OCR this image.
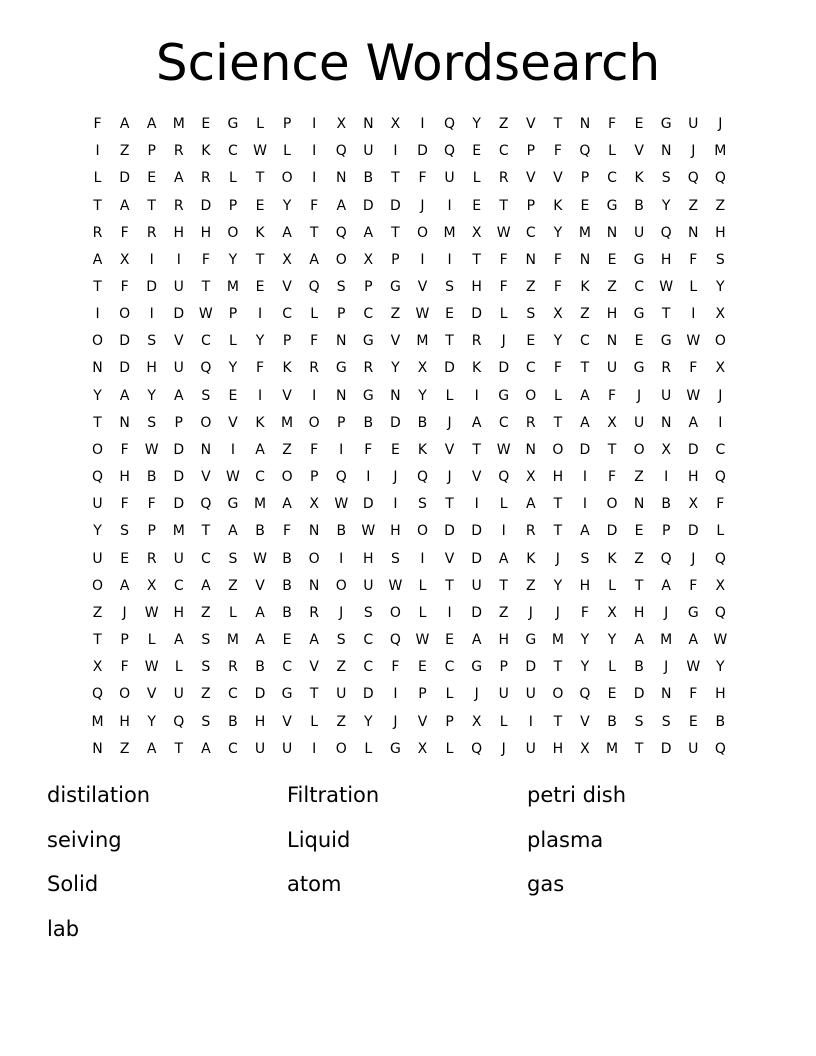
Science Wordsearch
F	A	A	M	E	G	L	P	I	X	N	X	I	Q	Y	Z	V	T	N	F	E	G	U	J
I	Z	P	R	K	C	W	L	I	Q	U	I	D	Q	E	C	P	F	Q	L	V	N	J	M
L	D	E	A	R	L	T	O	I	N	B	T	F	U	L	R	V	V	P	C	K	S	Q	Q
T	A	T	R	D	P	E	Y	F	A	D	D	J	I	E	T	P	K	E	G	B	Y	Z	Z
R	F	R	H	H	O	K	A	T	Q	A	T	O	M	X	W	C	Y	M	N	U	Q	N	H
A	X	I	I	F	Y	T	X	A	O	X	P	I	I	T	F	N	F	N	E	G	H	F	S
T	F	D	U	T	M	E	V	Q	S	P	G	V	S	H	F	Z	F	K	Z	C	W	L	Y
I	O	I	D	W	P	I	C	L	P	C	Z	W	E	D	L	S	X	Z	H	G	T	I	X
O	D	S	V	C	L	Y	P	F	N	G	V	M	T	R	J	E	Y	C	N	E	G	W	O
N	D	H	U	Q	Y	F	K	R	G	R	Y	X	D	K	D	C	F	T	U	G	R	F	X
Y	A	Y	A	S	E	I	V	I	N	G	N	Y	L	I	G	O	L	A	F	J	U	W	J
T	N	S	P	O	V	K	M	O	P	B	D	B	J	A	C	R	T	A	X	U	N	A	I
O	F	W	D	N	I	A	Z	F	I	F	E	K	V	T	W	N	O	D	T	O	X	D	C
Q	H	B	D	V	W	C	O	P	Q	I	J	Q	J	V	Q	X	H	I	F	Z	I	H	Q
U	F	F	D	Q	G	M	A	X	W	D	I	S	T	I	L	A	T	I	O	N	B	X	F
Y	S	P	M	T	A	B	F	N	B	W	H	O	D	D	I	R	T	A	D	E	P	D	L
U	E	R	U	C	S	W	B	O	I	H	S	I	V	D	A	K	J	S	K	Z	Q	J	Q
O	A	X	C	A	Z	V	B	N	O	U	W	L	T	U	T	Z	Y	H	L	T	A	F	X
Z	J	W	H	Z	L	A	B	R	J	S	O	L	I	D	Z	J	J	F	X	H	J	G	Q
T	P	L	A	S	M	A	E	A	S	C	Q	W	E	A	H	G	M	Y	Y	A	M	A	W
X	F	W	L	S	R	B	C	V	Z	C	F	E	C	G	P	D	T	Y	L	B	J	W	Y
Q	O	V	U	Z	C	D	G	T	U	D	I	P	L	J	U	U	O	Q	E	D	N	F	H
M	H	Y	Q	S	B	H	V	L	Z	Y	J	V	P	X	L	I	T	V	B	S	S	E	B
N	Z	A	T	A	C	U	U	I	O	L	G	X	L	Q	J	U	H	X	M	T	D	U	Q
distilation	Filtration	petri dish
seiving	Liquid	plasma
Solid	atom	gas
lab
